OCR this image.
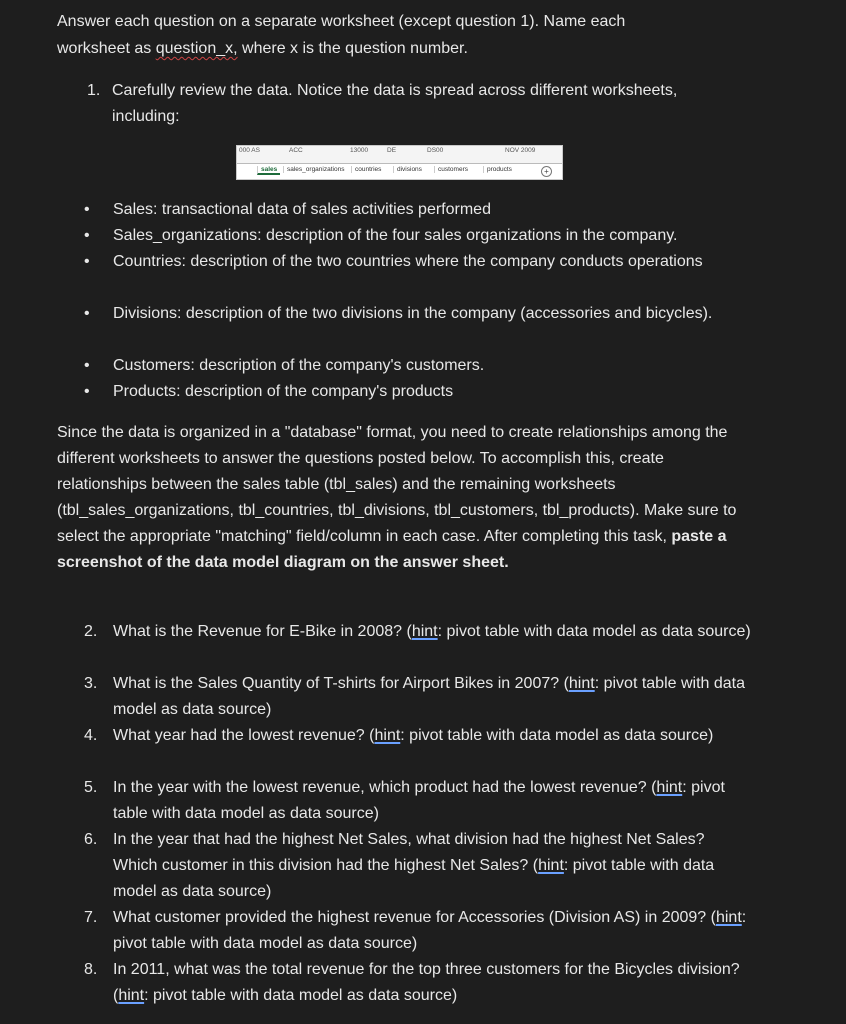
Answer each question on a separate worksheet (except question 1). Name each
worksheet as question_x, where x is the question number.
1. Carefully review the data. Notice the data is spread across different worksheets,
including:
000 AS	ACC	13000	DE	DS00	NOV 2009
sales	sales_organizations	countries	divisions	customers	products	+
• Sales: transactional data of sales activities performed
• Sales_organizations: description of the four sales organizations in the company.
• Countries: description of the two countries where the company conducts operations
• Divisions: description of the two divisions in the company (accessories and bicycles).
• Customers: description of the company's customers.
• Products: description of the company's products
Since the data is organized in a "database" format, you need to create relationships among the different worksheets to answer the questions posted below. To accomplish this, create relationships between the sales table (tbl_sales) and the remaining worksheets (tbl_sales_organizations, tbl_countries, tbl_divisions, tbl_customers, tbl_products). Make sure to select the appropriate "matching" field/column in each case. After completing this task, paste a screenshot of the data model diagram on the answer sheet.
2. What is the Revenue for E-Bike in 2008? (hint: pivot table with data model as data source)
3. What is the Sales Quantity of T-shirts for Airport Bikes in 2007? (hint: pivot table with data model as data source)
4. What year had the lowest revenue? (hint: pivot table with data model as data source)
5. In the year with the lowest revenue, which product had the lowest revenue? (hint: pivot table with data model as data source)
6. In the year that had the highest Net Sales, what division had the highest Net Sales? Which customer in this division had the highest Net Sales? (hint: pivot table with data model as data source)
7. What customer provided the highest revenue for Accessories (Division AS) in 2009? (hint: pivot table with data model as data source)
8. In 2011, what was the total revenue for the top three customers for the Bicycles division? (hint: pivot table with data model as data source)
